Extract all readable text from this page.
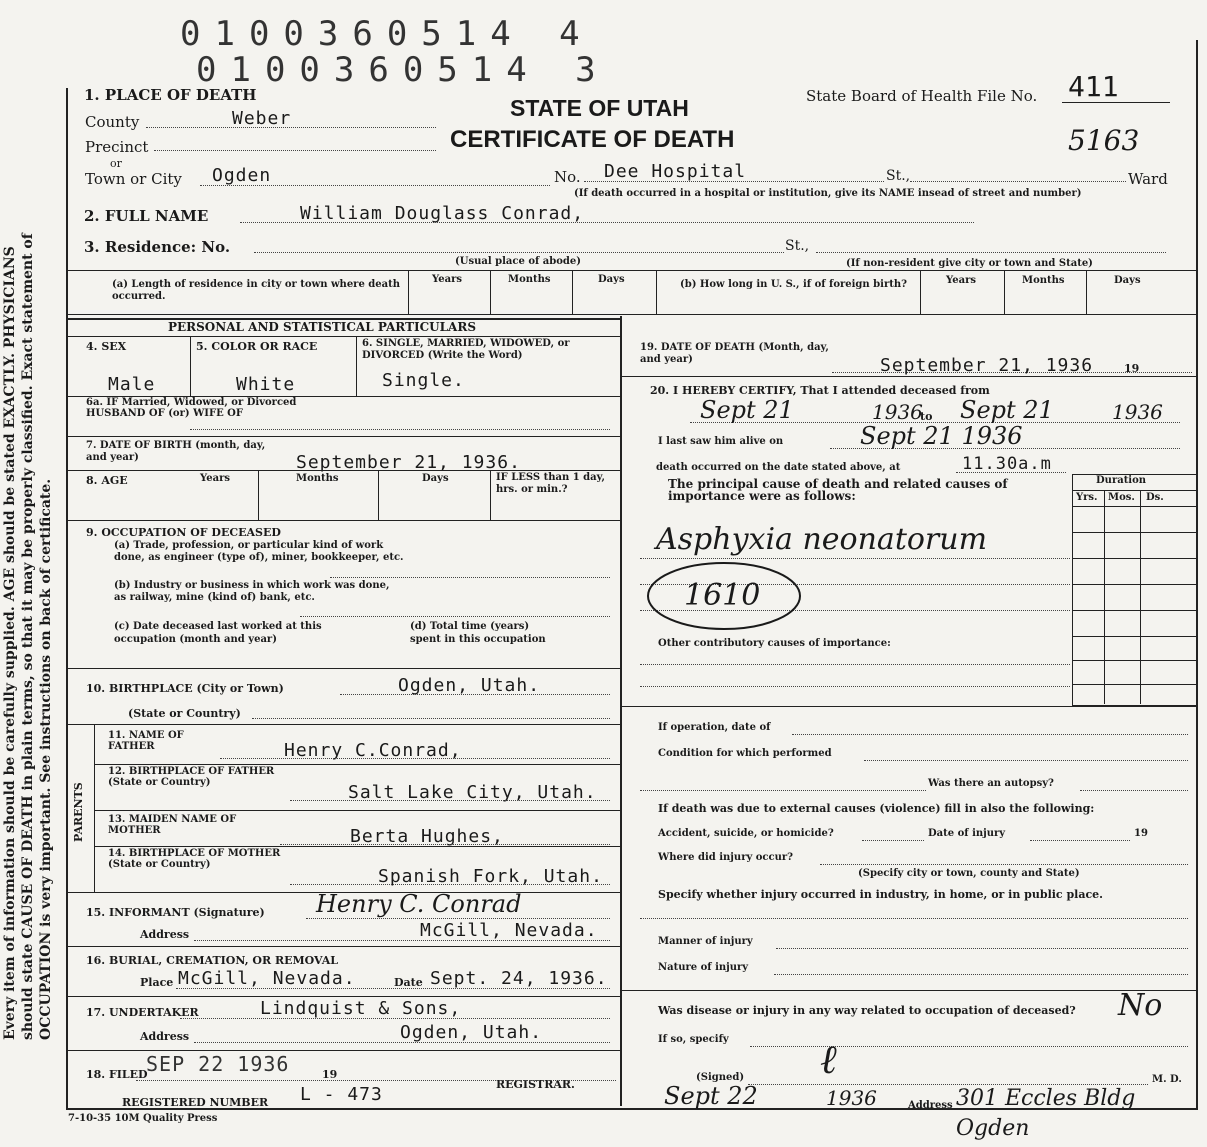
0100360514 4
0100360514 3
Every item of information should be carefully supplied. AGE should be stated EXACTLY. PHYSICIANS should state CAUSE OF DEATH in plain terms, so that it may be properly classified. Exact statement of OCCUPATION is very important. See instructions on back of certificate.
1. PLACE OF DEATH	STATE OF UTAH
CERTIFICATE OF DEATH
State Board of Health File No. 411
5163
County	Weber
Precinct
or
Town or City Ogden	No. Dee Hospital	St.,	Ward
(If death occurred in a hospital or institution, give its NAME insead of street and number)
2. FULL NAME	William Douglass Conrad,
3. Residence: No.	St.,
(Usual place of abode)	(If non-resident give city or town and State)
(a) Length of residence in city or town where death occurred.
Years	Months	Days	(b) How long in U. S., if of foreign birth?	Years	Months	Days
PERSONAL AND STATISTICAL PARTICULARS
4. SEX
Male
5. COLOR OR RACE
White
6. SINGLE, MARRIED, WIDOWED, or DIVORCED (Write the Word)
Single.
6a. IF Married, Widowed, or Divorced HUSBAND OF (or) WIFE OF
7. DATE OF BIRTH (month, day, and year)	September 21, 1936.
8. AGE	Years	Months	Days	IF LESS than 1 day, hrs. or min.?
9. OCCUPATION OF DECEASED
(a) Trade, profession, or particular kind of work done, as engineer (type of), miner, bookkeeper, etc.
(b) Industry or business in which work was done, as railway, mine (kind of) bank, etc.
(c) Date deceased last worked at this occupation (month and year)
(d) Total time (years) spent in this occupation
10. BIRTHPLACE (City or Town)	Ogden, Utah.
(State or Country)
PARENTS
11. NAME OF FATHER	Henry C.Conrad,
12. BIRTHPLACE OF FATHER (State or Country)	Salt Lake City, Utah.
13. MAIDEN NAME OF MOTHER	Berta Hughes,
14. BIRTHPLACE OF MOTHER (State or Country)
Spanish Fork, Utah.
15. INFORMANT (Signature) Henry C. Conrad
Address	McGill, Nevada.
16. BURIAL, CREMATION, OR REMOVAL
Place McGill, Nevada.	Date Sept. 24, 1936.
17. UNDERTAKER	Lindquist & Sons,
Address	Ogden, Utah.
18. FILED
SEP 22 1936	19
REGISTRAR.
REGISTERED NUMBER L - 473
19. DATE OF DEATH (Month, day, and year)	September 21, 1936	19
20. I HEREBY CERTIFY, That I attended deceased from
Sept 21	1936
to Sept 21	1936
I last saw him alive on	Sept 21 1936
death occurred on the date stated above, at	11.30a.m
The principal cause of death and related causes of importance were as follows:
Duration
Yrs. Mos. Ds.
Asphyxia neonatorum
1610
Other contributory causes of importance:
If operation, date of
Condition for which performed
Was there an autopsy?
If death was due to external causes (violence) fill in also the following:
Accident, suicide, or homicide?	Date of injury	19
Where did injury occur?
(Specify city or town, county and State)
Specify whether injury occurred in industry, in home, or in public place.
Manner of injury
Nature of injury
Was disease or injury in any way related to occupation of deceased? No
If so, specify
(Signed) ℓ	M. D.
Sept 22	1936	Address 301 Eccles Bldg Ogden
7-10-35 10M Quality Press
